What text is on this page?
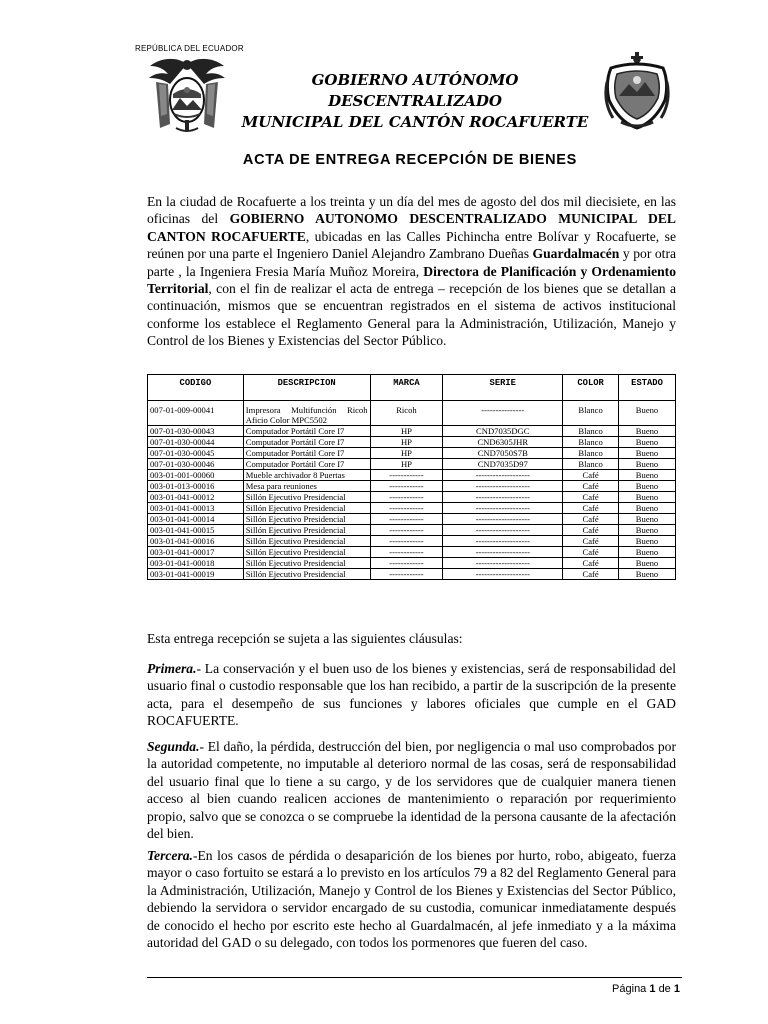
REPÚBLICA DEL ECUADOR
GOBIERNO AUTÓNOMO DESCENTRALIZADO
MUNICIPAL DEL CANTÓN ROCAFUERTE
ACTA DE ENTREGA RECEPCIÓN DE BIENES
En la ciudad de Rocafuerte a los treinta y un día del mes de agosto del dos mil diecisiete, en las oficinas del GOBIERNO AUTONOMO DESCENTRALIZADO MUNICIPAL DEL CANTON ROCAFUERTE, ubicadas en las Calles Pichincha entre Bolívar y Rocafuerte, se reúnen por una parte el Ingeniero Daniel Alejandro Zambrano Dueñas Guardalmacén y por otra parte , la Ingeniera Fresia María Muñoz Moreira, Directora de Planificación y Ordenamiento Territorial, con el fin de realizar el acta de entrega – recepción de los bienes que se detallan a continuación, mismos que se encuentran registrados en el sistema de activos institucional conforme los establece el Reglamento General para la Administración, Utilización, Manejo y Control de los Bienes y Existencias del Sector Público.
CODIGO	DESCRIPCION	MARCA	SERIE	COLOR	ESTADO
007-01-009-00041	Impresora Multifunción Ricoh Aficio Color MPC5502	Ricoh	---------------	Blanco	Bueno
007-01-030-00043	Computador Portátil Core I7	HP	CND7035DGC	Blanco	Bueno
007-01-030-00044	Computador Portátil Core I7	HP	CND6305JHR	Blanco	Bueno
007-01-030-00045	Computador Portátil Core I7	HP	CND7050S7B	Blanco	Bueno
007-01-030-00046	Computador Portátil Core I7	HP	CND7035D97	Blanco	Bueno
003-01-001-00060	Mueble archivador 8 Puertas	------------	-------------------	Café	Bueno
003-01-013-00016	Mesa para reuniones	------------	-------------------	Café	Bueno
003-01-041-00012	Sillón Ejecutivo Presidencial	------------	-------------------	Café	Bueno
003-01-041-00013	Sillón Ejecutivo Presidencial	------------	-------------------	Café	Bueno
003-01-041-00014	Sillón Ejecutivo Presidencial	------------	-------------------	Café	Bueno
003-01-041-00015	Sillón Ejecutivo Presidencial	------------	-------------------	Café	Bueno
003-01-041-00016	Sillón Ejecutivo Presidencial	------------	-------------------	Café	Bueno
003-01-041-00017	Sillón Ejecutivo Presidencial	------------	-------------------	Café	Bueno
003-01-041-00018	Sillón Ejecutivo Presidencial	------------	-------------------	Café	Bueno
003-01-041-00019	Sillón Ejecutivo Presidencial	------------	-------------------	Café	Bueno
Esta entrega recepción se sujeta a las siguientes cláusulas:
Primera.- La conservación y el buen uso de los bienes y existencias, será de responsabilidad del usuario final o custodio responsable que los han recibido, a partir de la suscripción de la presente acta, para el desempeño de sus funciones y labores oficiales que cumple en el GAD ROCAFUERTE.
Segunda.- El daño, la pérdida, destrucción del bien, por negligencia o mal uso comprobados por la autoridad competente, no imputable al deterioro normal de las cosas, será de responsabilidad del usuario final que lo tiene a su cargo, y de los servidores que de cualquier manera tienen acceso al bien cuando realicen acciones de mantenimiento o reparación por requerimiento propio, salvo que se conozca o se compruebe la identidad de la persona causante de la afectación del bien.
Tercera.-En los casos de pérdida o desaparición de los bienes por hurto, robo, abigeato, fuerza mayor o caso fortuito se estará a lo previsto en los artículos 79 a 82 del Reglamento General para la Administración, Utilización, Manejo y Control de los Bienes y Existencias del Sector Público, debiendo la servidora o servidor encargado de su custodia, comunicar inmediatamente después de conocido el hecho por escrito este hecho al Guardalmacén, al jefe inmediato y a la máxima autoridad del GAD o su delegado, con todos los pormenores que fueren del caso.
Página 1 de 1
